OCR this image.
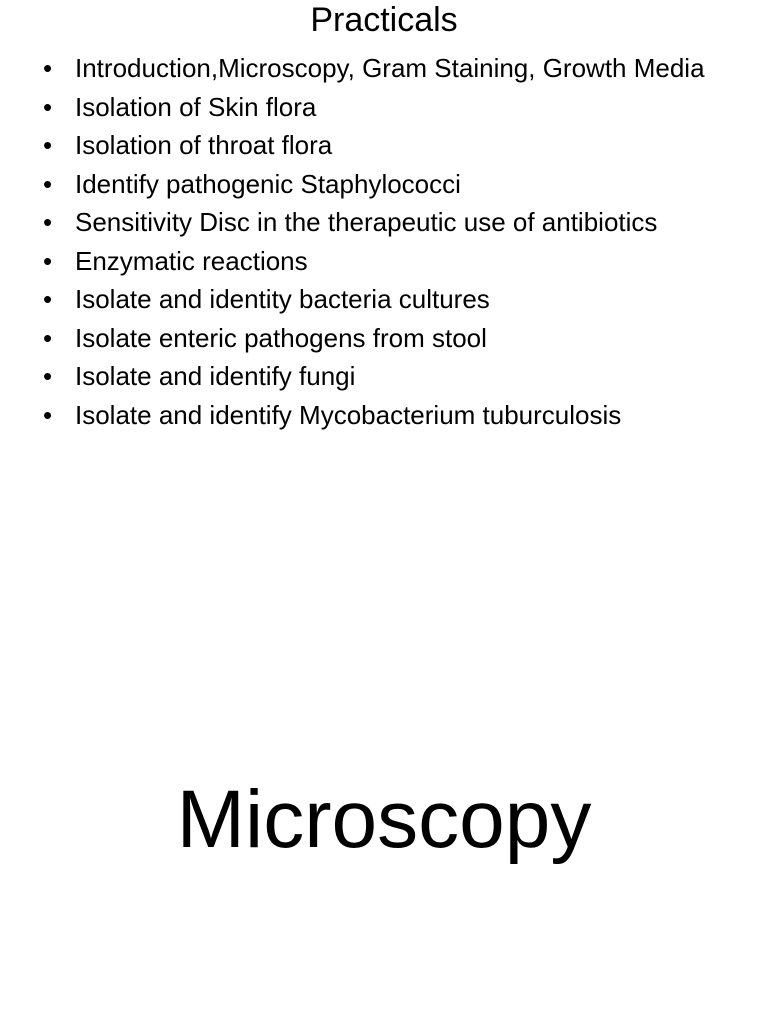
Practicals
• Introduction,Microscopy, Gram Staining, Growth Media
• Isolation of Skin flora
• Isolation of throat flora
• Identify pathogenic Staphylococci
• Sensitivity Disc in the therapeutic use of antibiotics
• Enzymatic reactions
• Isolate and identity bacteria cultures
• Isolate enteric pathogens from stool
• Isolate and identify fungi
• Isolate and identify Mycobacterium tuburculosis
Microscopy
